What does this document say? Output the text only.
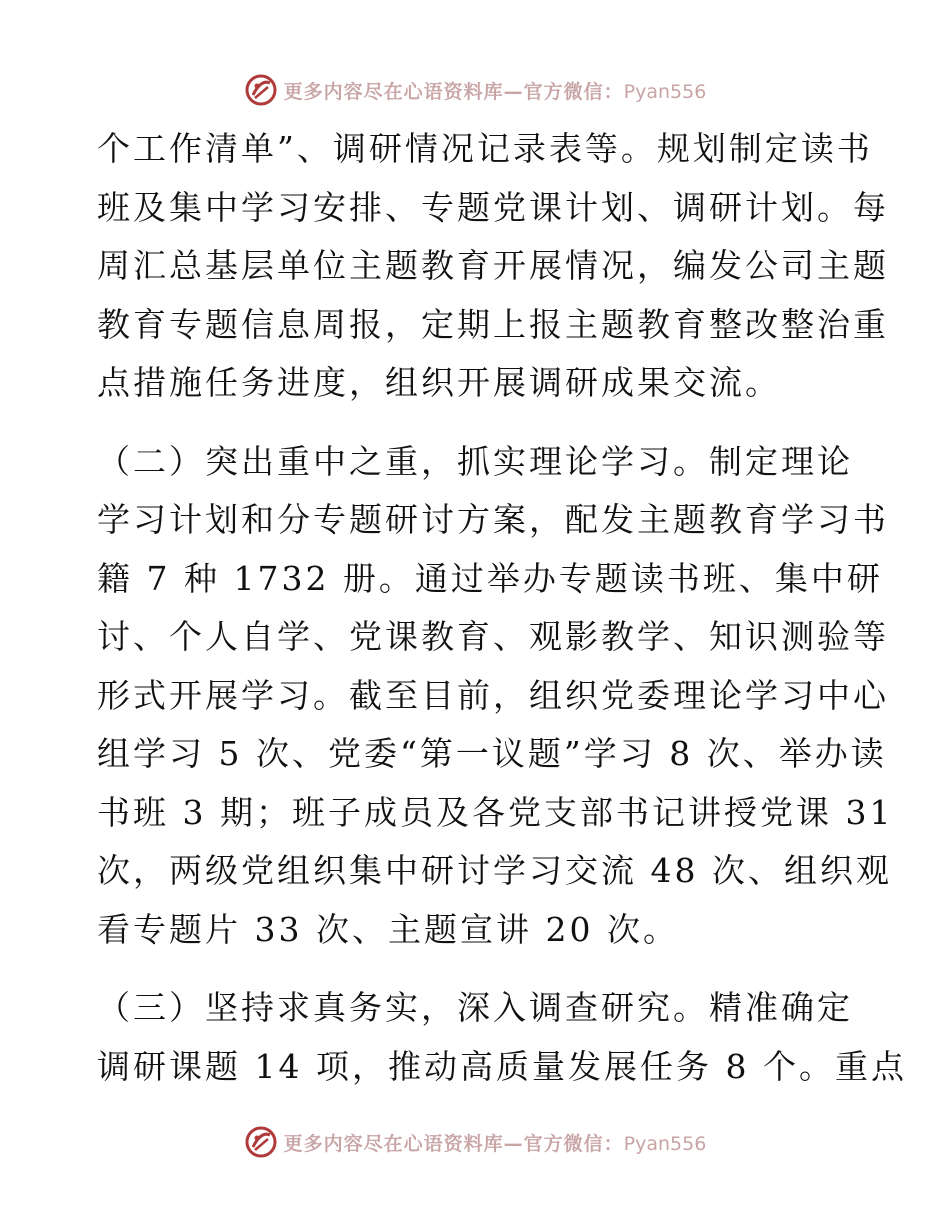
更多内容尽在心语资料库—官方微信：Pyan556

个工作清单”、调研情况记录表等。规划制定读书
班及集中学习安排、专题党课计划、调研计划。每
周汇总基层单位主题教育开展情况，编发公司主题
教育专题信息周报，定期上报主题教育整改整治重
点措施任务进度，组织开展调研成果交流。

（二）突出重中之重，抓实理论学习。制定理论
学习计划和分专题研讨方案，配发主题教育学习书
籍 7 种 1732 册。通过举办专题读书班、集中研
讨、个人自学、党课教育、观影教学、知识测验等
形式开展学习。截至目前，组织党委理论学习中心
组学习 5 次、党委“第一议题”学习 8 次、举办读
书班 3 期；班子成员及各党支部书记讲授党课 31
次，两级党组织集中研讨学习交流 48 次、组织观
看专题片 33 次、主题宣讲 20 次。

（三）坚持求真务实，深入调查研究。精准确定
调研课题 14 项，推动高质量发展任务 8 个。重点

更多内容尽在心语资料库—官方微信：Pyan556
